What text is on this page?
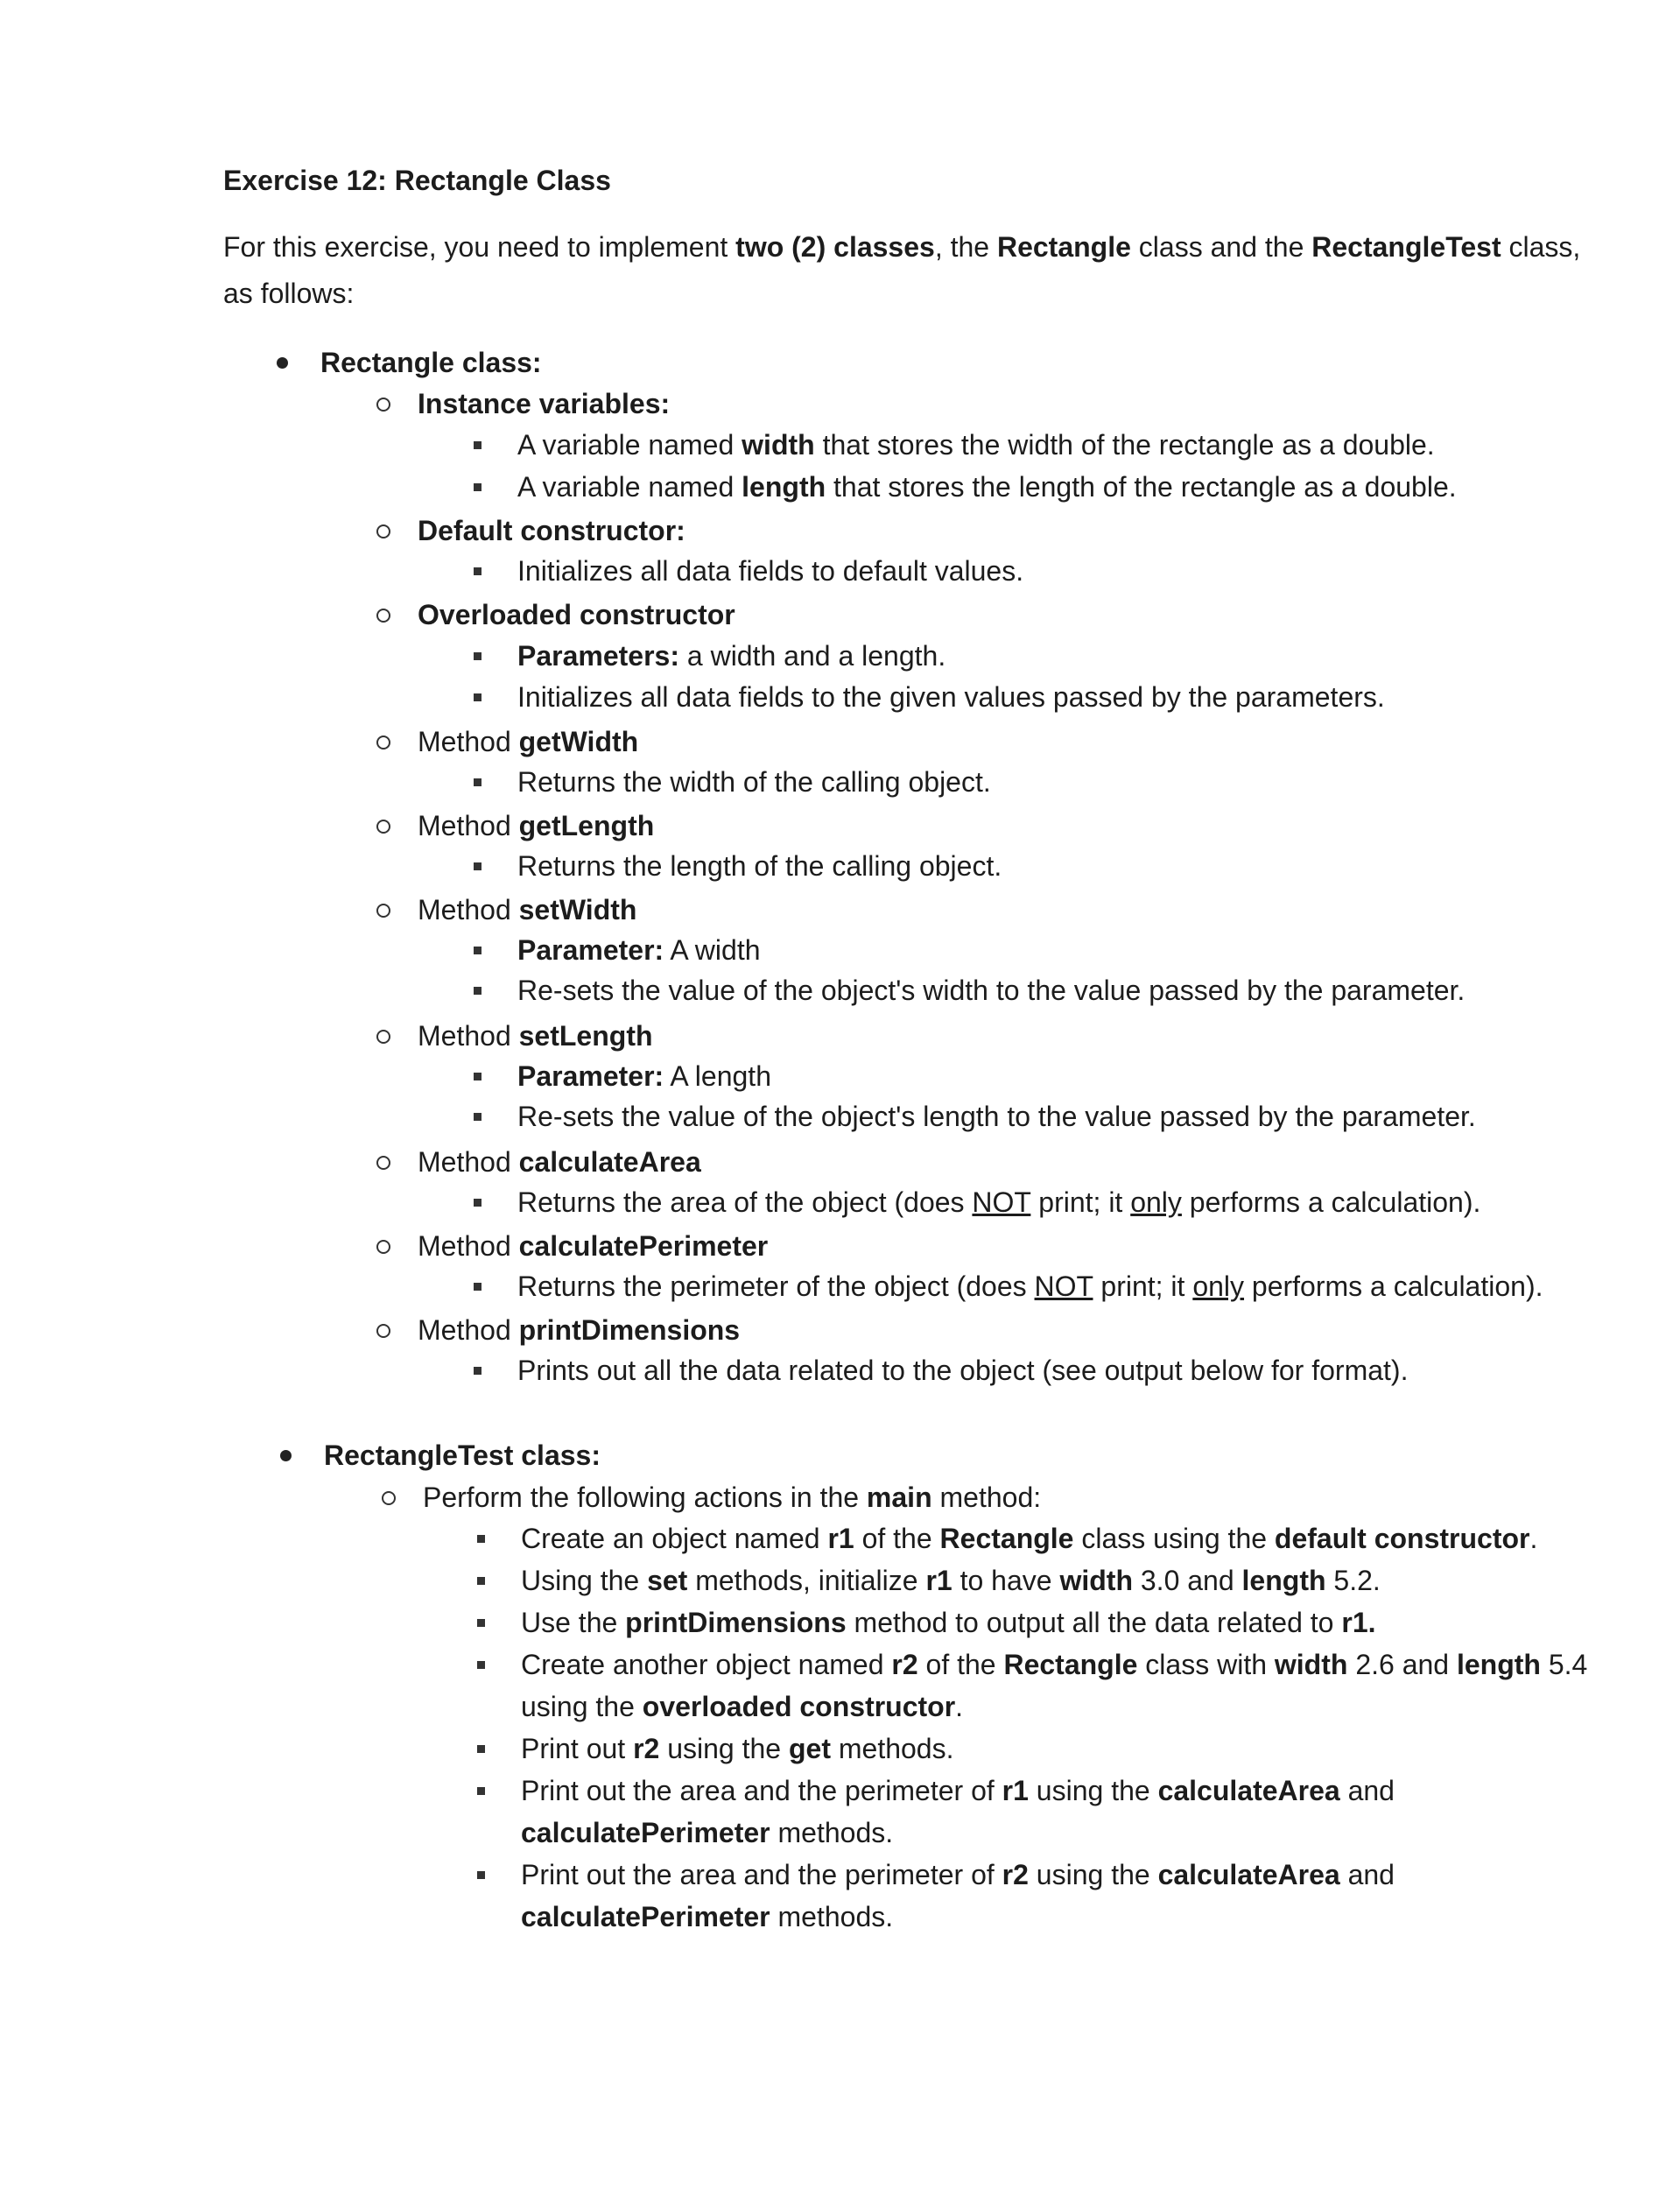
Exercise 12: Rectangle Class
For this exercise, you need to implement two (2) classes, the Rectangle class and the RectangleTest class, as follows:
Rectangle class:
Instance variables:
A variable named width that stores the width of the rectangle as a double.
A variable named length that stores the length of the rectangle as a double.
Default constructor:
Initializes all data fields to default values.
Overloaded constructor
Parameters: a width and a length.
Initializes all data fields to the given values passed by the parameters.
Method getWidth
Returns the width of the calling object.
Method getLength
Returns the length of the calling object.
Method setWidth
Parameter: A width
Re-sets the value of the object's width to the value passed by the parameter.
Method setLength
Parameter: A length
Re-sets the value of the object's length to the value passed by the parameter.
Method calculateArea
Returns the area of the object (does NOT print; it only performs a calculation).
Method calculatePerimeter
Returns the perimeter of the object (does NOT print; it only performs a calculation).
Method printDimensions
Prints out all the data related to the object (see output below for format).
RectangleTest class:
Perform the following actions in the main method:
Create an object named r1 of the Rectangle class using the default constructor.
Using the set methods, initialize r1 to have width 3.0 and length 5.2.
Use the printDimensions method to output all the data related to r1.
Create another object named r2 of the Rectangle class with width 2.6 and length 5.4
using the overloaded constructor.
Print out r2 using the get methods.
Print out the area and the perimeter of r1 using the calculateArea and
calculatePerimeter methods.
Print out the area and the perimeter of r2 using the calculateArea and
calculatePerimeter methods.
